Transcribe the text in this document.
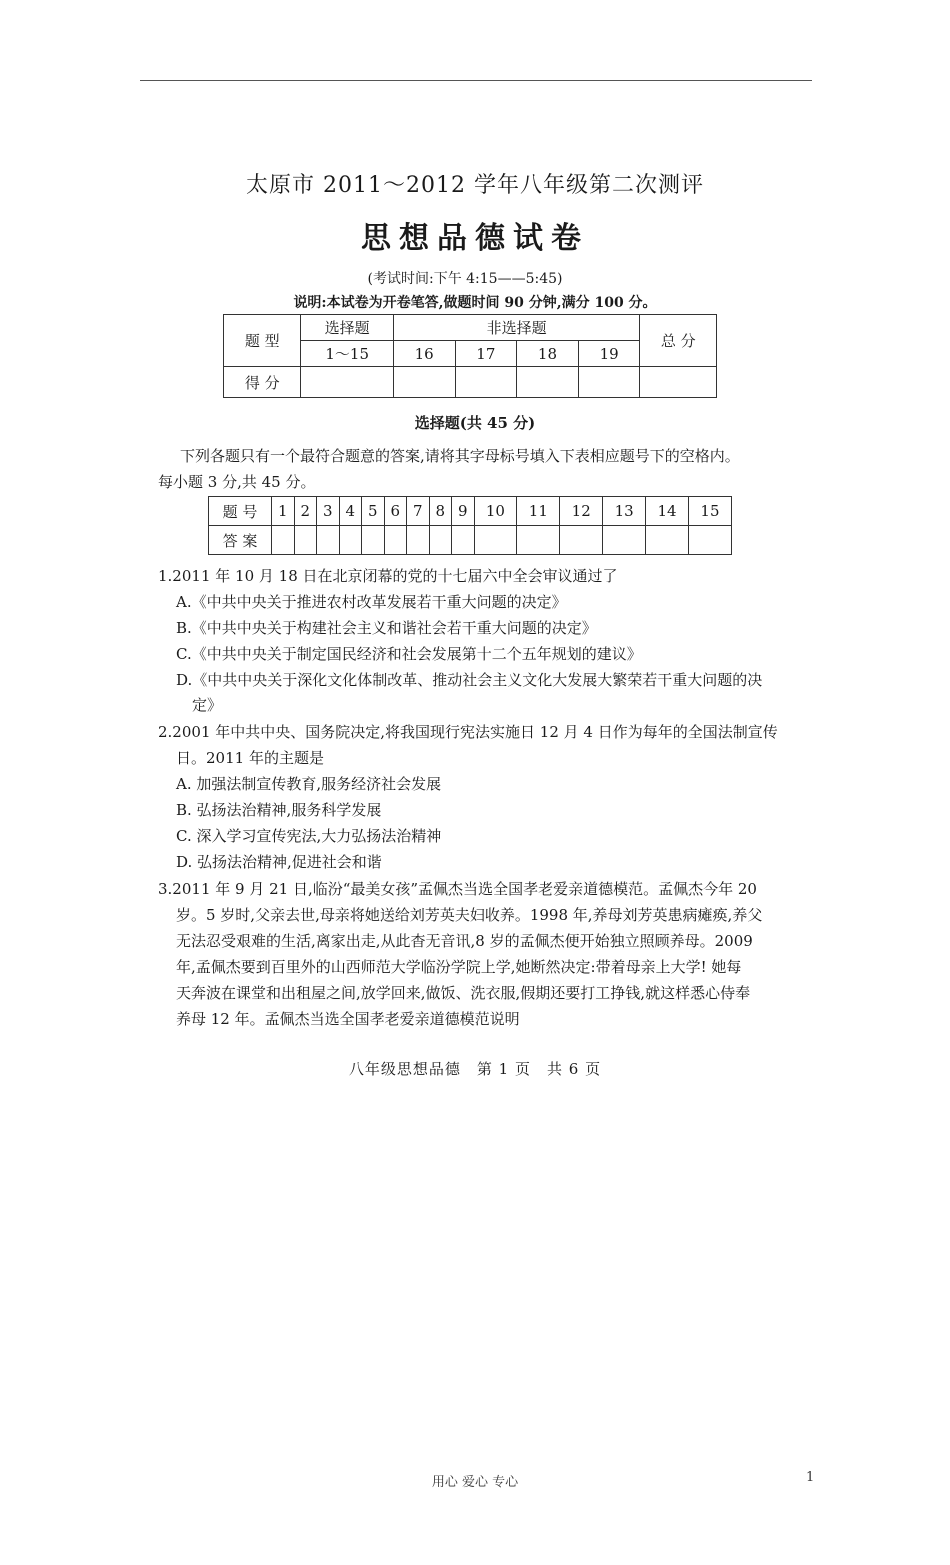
太原市 2011～2012 学年八年级第二次测评
思想品德试卷
(考试时间:下午 4:15——5:45)
说明:本试卷为开卷笔答,做题时间 90 分钟,满分 100 分。
题 型	选择题	非选择题				总 分
	1～15	16	17	18	19	
得 分						
选择题(共 45 分)
下列各题只有一个最符合题意的答案,请将其字母标号填入下表相应题号下的空格内。
每小题 3 分,共 45 分。
题 号	1	2	3	4	5	6	7	8	9	10	11	12	13	14	15
答 案															
1.2011 年 10 月 18 日在北京闭幕的党的十七届六中全会审议通过了
A.《中共中央关于推进农村改革发展若干重大问题的决定》
B.《中共中央关于构建社会主义和谐社会若干重大问题的决定》
C.《中共中央关于制定国民经济和社会发展第十二个五年规划的建议》
D.《中共中央关于深化文化体制改革、推动社会主义文化大发展大繁荣若干重大问题的决
定》
2.2001 年中共中央、国务院决定,将我国现行宪法实施日 12 月 4 日作为每年的全国法制宣传
日。2011 年的主题是
A. 加强法制宣传教育,服务经济社会发展
B. 弘扬法治精神,服务科学发展
C. 深入学习宣传宪法,大力弘扬法治精神
D. 弘扬法治精神,促进社会和谐
3.2011 年 9 月 21 日,临汾“最美女孩”孟佩杰当选全国孝老爱亲道德模范。孟佩杰今年 20
岁。5 岁时,父亲去世,母亲将她送给刘芳英夫妇收养。1998 年,养母刘芳英患病瘫痪,养父
无法忍受艰难的生活,离家出走,从此杳无音讯,8 岁的孟佩杰便开始独立照顾养母。2009
年,孟佩杰要到百里外的山西师范大学临汾学院上学,她断然决定:带着母亲上大学! 她每
天奔波在课堂和出租屋之间,放学回来,做饭、洗衣服,假期还要打工挣钱,就这样悉心侍奉
养母 12 年。孟佩杰当选全国孝老爱亲道德模范说明
八年级思想品德　第 1 页　共 6 页
用心 爱心 专心	1
